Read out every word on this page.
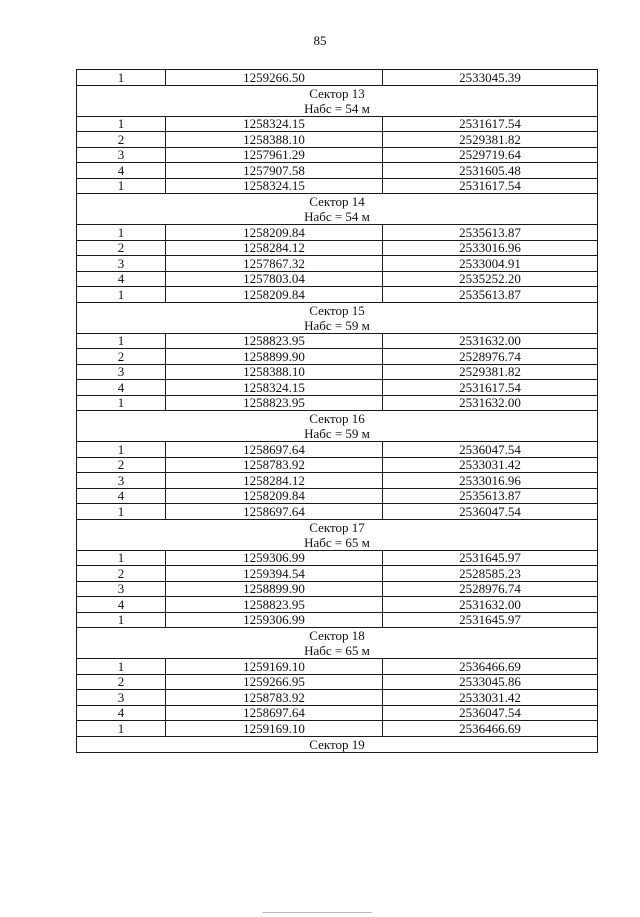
85
1	1259266.50	2533045.39

Сектор 13
Набс = 54 м		

1	1258324.15	2531617.54
2	1258388.10	2529381.82
3	1257961.29	2529719.64
4	1257907.58	2531605.48
1	1258324.15	2531617.54

Сектор 14
Набс = 54 м		

1	1258209.84	2535613.87
2	1258284.12	2533016.96
3	1257867.32	2533004.91
4	1257803.04	2535252.20
1	1258209.84	2535613.87

Сектор 15
Набс = 59 м		

1	1258823.95	2531632.00
2	1258899.90	2528976.74
3	1258388.10	2529381.82
4	1258324.15	2531617.54
1	1258823.95	2531632.00

Сектор 16
Набс = 59 м		

1	1258697.64	2536047.54
2	1258783.92	2533031.42
3	1258284.12	2533016.96
4	1258209.84	2535613.87
1	1258697.64	2536047.54

Сектор 17
Набс = 65 м		

1	1259306.99	2531645.97
2	1259394.54	2528585.23
3	1258899.90	2528976.74
4	1258823.95	2531632.00
1	1259306.99	2531645.97

Сектор 18
Набс = 65 м		

1	1259169.10	2536466.69
2	1259266.95	2533045.86
3	1258783.92	2533031.42
4	1258697.64	2536047.54
1	1259169.10	2536466.69

Сектор 19		
